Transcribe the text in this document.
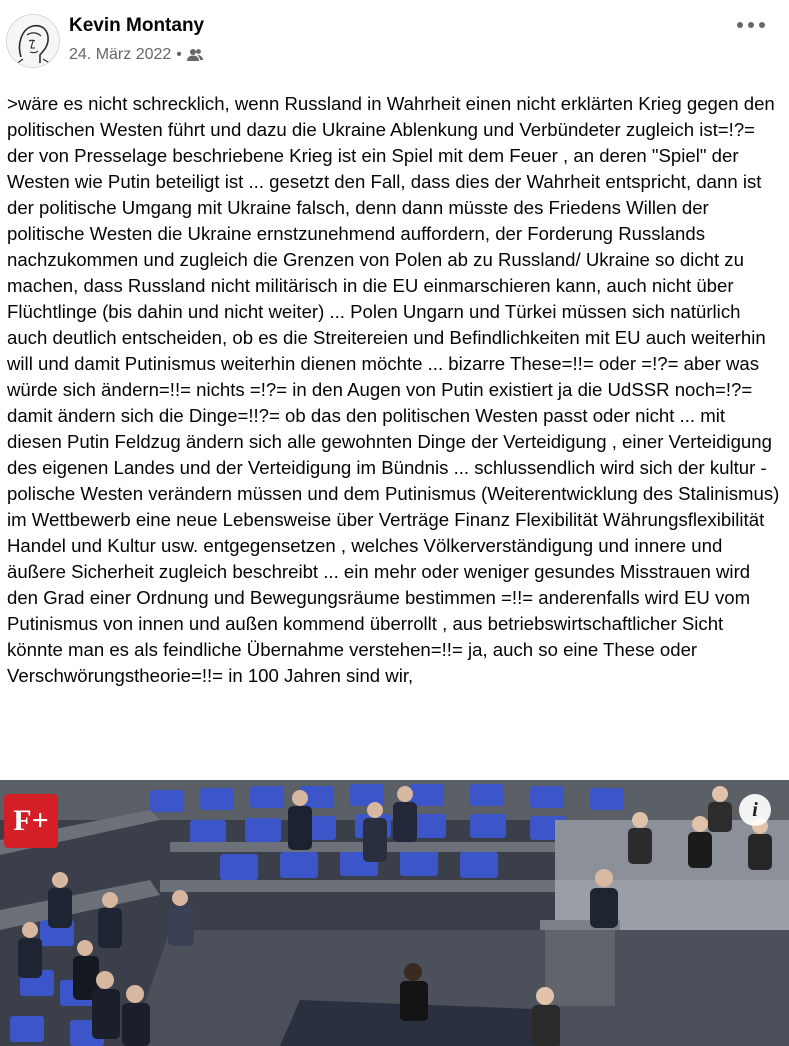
Kevin Montany
24. März 2022 •
>wäre es nicht schrecklich, wenn Russland in Wahrheit einen nicht erklärten Krieg gegen den politischen Westen führt und dazu die Ukraine Ablenkung und Verbündeter zugleich ist=!?= der von Presselage beschriebene Krieg ist ein Spiel mit dem Feuer , an deren "Spiel" der Westen wie Putin beteiligt ist ... gesetzt den Fall, dass dies der Wahrheit entspricht, dann ist der politische Umgang mit Ukraine falsch, denn dann müsste des Friedens Willen der politische Westen die Ukraine ernstzunehmend auffordern, der Forderung Russlands nachzukommen und zugleich die Grenzen von Polen ab zu Russland/ Ukraine so dicht zu machen, dass Russland nicht militärisch in die EU einmarschieren kann, auch nicht über Flüchtlinge (bis dahin und nicht weiter) ... Polen Ungarn und Türkei müssen sich natürlich auch deutlich entscheiden, ob es die Streitereien und Befindlichkeiten mit EU auch weiterhin will und damit Putinismus weiterhin dienen möchte ... bizarre These=!!= oder =!?= aber was würde sich ändern=!!= nichts =!?= in den Augen von Putin existiert ja die UdSSR noch=!?= damit ändern sich die Dinge=!!?= ob das den politischen Westen passt oder nicht ... mit diesen Putin Feldzug ändern sich alle gewohnten Dinge der Verteidigung , einer Verteidigung des eigenen Landes und der Verteidigung im Bündnis ... schlussendlich wird sich der kultur - polische Westen verändern müssen und dem Putinismus (Weiterentwicklung des Stalinismus) im Wettbewerb eine neue Lebensweise über Verträge Finanz Flexibilität Währungsflexibilität Handel und Kultur usw. entgegensetzen , welches Völkerverständigung und innere und äußere Sicherheit zugleich beschreibt ... ein mehr oder weniger gesundes Misstrauen wird den Grad einer Ordnung und Bewegungsräume bestimmen =!!= anderenfalls wird EU vom Putinismus von innen und außen kommend überrollt , aus betriebswirtschaftlicher Sicht könnte man es als feindliche Übernahme verstehen=!!= ja, auch so eine These oder Verschwörungstheorie=!!= in 100 Jahren sind wir,
F+	i
